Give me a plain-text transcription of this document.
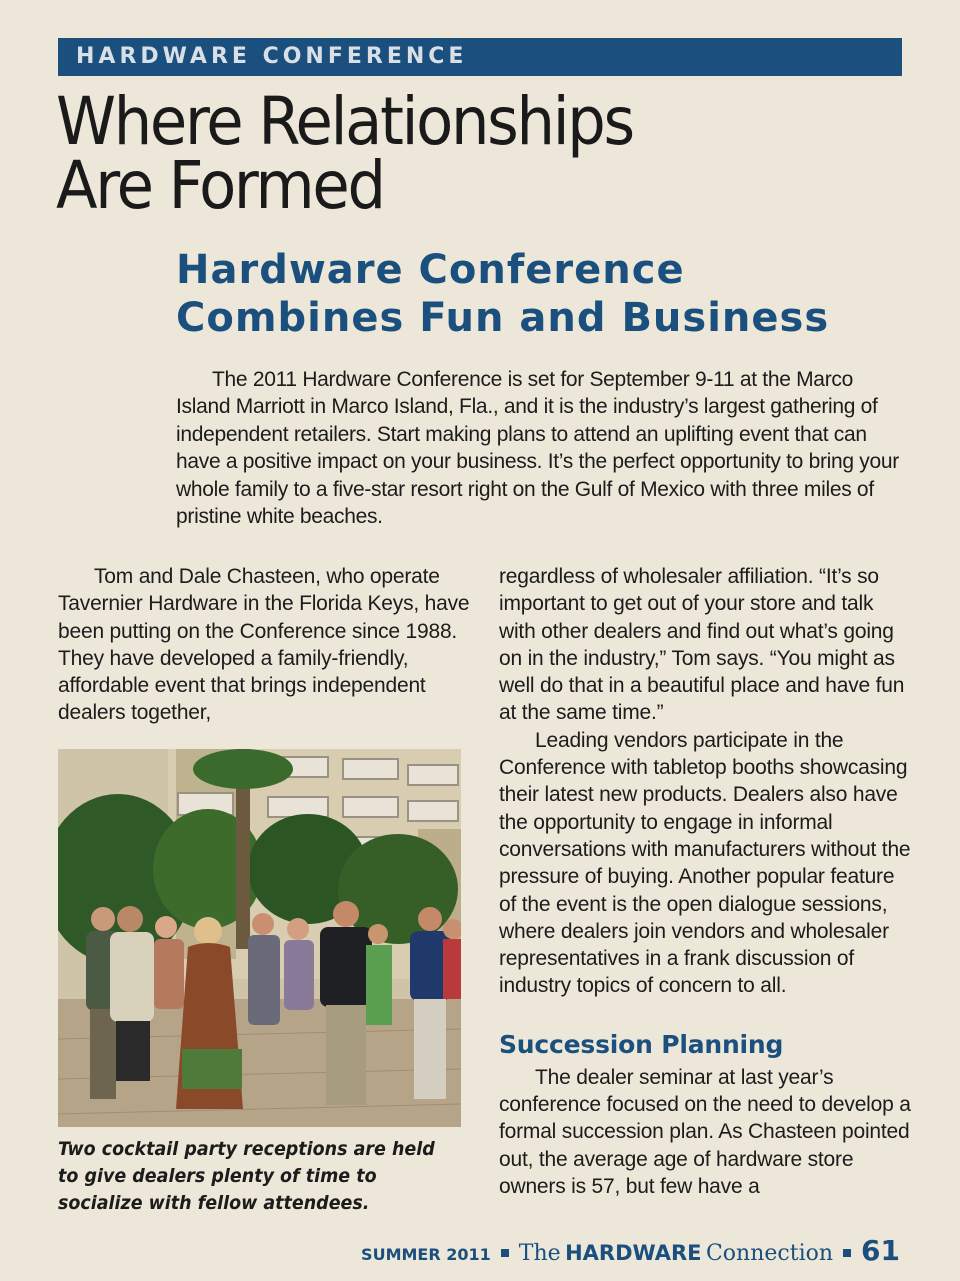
HARDWARE CONFERENCE
Where Relationships
Are Formed
Hardware Conference
Combines Fun and Business

The 2011 Hardware Conference is set for September 9-11 at the Marco Island Marriott in Marco Island, Fla., and it is the industry’s largest gathering of independent retailers. Start making plans to attend an uplifting event that can have a positive impact on your business. It’s the perfect opportunity to bring your whole family to a five-star resort right on the Gulf of Mexico with three miles of pristine white beaches.

Tom and Dale Chasteen, who operate Tavernier Hardware in the Florida Keys, have been putting on the Conference since 1988. They have developed a family-friendly, affordable event that brings independent dealers together,

Two cocktail party receptions are held to give dealers plenty of time to socialize with fellow attendees.

regardless of wholesaler affiliation. “It’s so important to get out of your store and talk with other dealers and find out what’s going on in the industry,” Tom says. “You might as well do that in a beautiful place and have fun at the same time.”

Leading vendors participate in the Conference with tabletop booths showcasing their latest new products. Dealers also have the opportunity to engage in informal conversations with manufacturers without the pressure of buying. Another popular feature of the event is the open dialogue sessions, where dealers join vendors and wholesaler representatives in a frank discussion of industry topics of concern to all.

Succession Planning

The dealer seminar at last year’s conference focused on the need to develop a formal succession plan. As Chasteen pointed out, the average age of hardware store owners is 57, but few have a

SUMMER 2011 The HARDWARE Connection 61
